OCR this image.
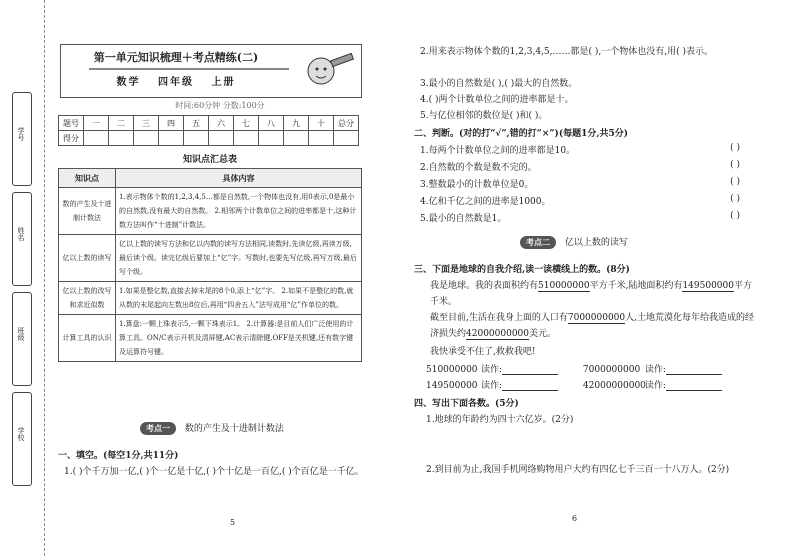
学号
姓名
班级
学校
第一单元知识梳理＋考点精练(二)
数学 四年级 上册
时间:60分钟 分数:100分
题号	一	二	三	四	五	六	七	八	九	十	总分
得分											
知识点汇总表
知识点	具体内容
数的产生及十进制计数法	1.表示物体个数的1,2,3,4,5…都是自然数,一个物体也没有,用0表示,0是最小的自然数,没有最大的自然数。 2.相邻两个计数单位之间的进率都是十,这种计数方法叫作“十进制”计数法。
亿以上数的读写	亿以上数的读写方法和亿以内数的读写方法相同,读数时,先读亿级,再读万级,最后读个级。读完亿级后要加上“亿”字。写数时,也要先写亿级,再写万级,最后写个级。
亿以上数的改写和求近似数	1.如果是整亿数,直接去掉末尾的8个0,添上“亿”字。 2.如果不是整亿的数,就从数的末尾起向左数出8位后,再用“四舍五入”法写成用“亿”作单位的数。
计算工具的认识	1.算盘:一颗上珠表示5,一颗下珠表示1。 2.计算器:是目前人们广泛使用的计算工具。ON/C表示开机及清屏键,AC表示清除键,OFF是关机键,还有数字键及运算符号键。
考点一 数的产生及十进制计数法
一、填空。(每空1分,共11分)
1.( )个千万加一亿,( )个一亿是十亿,( )个十亿是一百亿,( )个百亿是一千亿。
5
2.用来表示物体个数的1,2,3,4,5,……都是( ),一个物体也没有,用( )表示。
3.最小的自然数是( ),( )最大的自然数。
4.( )两个计数单位之间的进率都是十。
5.与亿位相邻的数位是( )和( )。
二、判断。(对的打“√”,错的打“×”)(每题1分,共5分)
1.每两个计数单位之间的进率都是10。	( )
2.自然数的个数是数不完的。	( )
3.整数最小的计数单位是0。	( )
4.亿和千亿之间的进率是1000。	( )
5.最小的自然数是1。	( )
考点二 亿以上数的读写
三、下面是地球的自我介绍,读一读横线上的数。(8分)
我是地球。我的表面积约有510000000平方千米,陆地面积约有149500000平方千米。
截至目前,生活在我身上面的人口有7000000000人,土地荒漠化每年给我造成的经济损失约42000000000美元。
我快承受不住了,救救我吧!
510000000 读作:	7000000000 读作:
149500000 读作:	42000000000读作:
四、写出下面各数。(5分)
1.地球的年龄约为四十六亿岁。(2分)
2.到目前为止,我国手机网络购物用户大约有四亿七千三百一十八万人。(2分)
6
